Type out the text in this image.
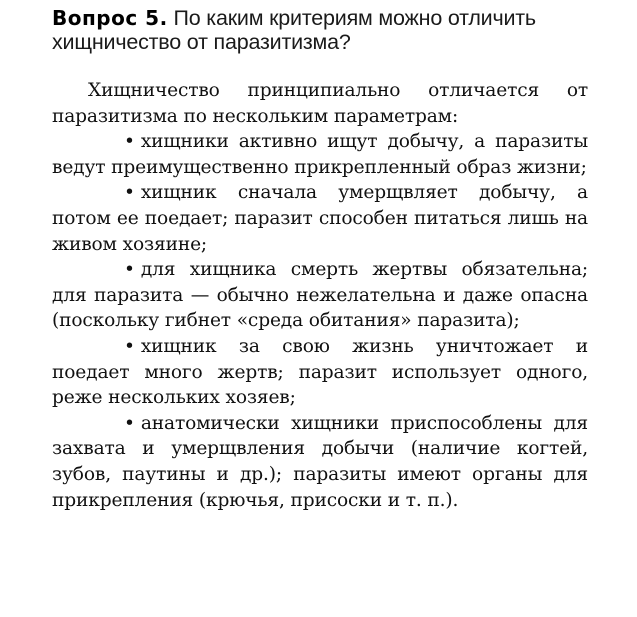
Вопрос 5. По каким критериям можно отличить хищничество от паразитизма?

Хищничество принципиально отличается от паразитизма по нескольким параметрам:

• хищники активно ищут добычу, а паразиты ведут преимущественно прикрепленный образ жизни;

• хищник сначала умерщвляет добычу, а потом ее поедает; паразит способен питаться лишь на живом хозяине;

• для хищника смерть жертвы обязательна; для паразита — обычно нежелательна и даже опасна (поскольку гибнет «среда обитания» паразита);

• хищник за свою жизнь уничтожает и поедает много жертв; паразит использует одного, реже нескольких хозяев;

• анатомически хищники приспособлены для захвата и умерщвления добычи (наличие когтей, зубов, паутины и др.); паразиты имеют органы для прикрепления (крючья, присоски и т. п.).
